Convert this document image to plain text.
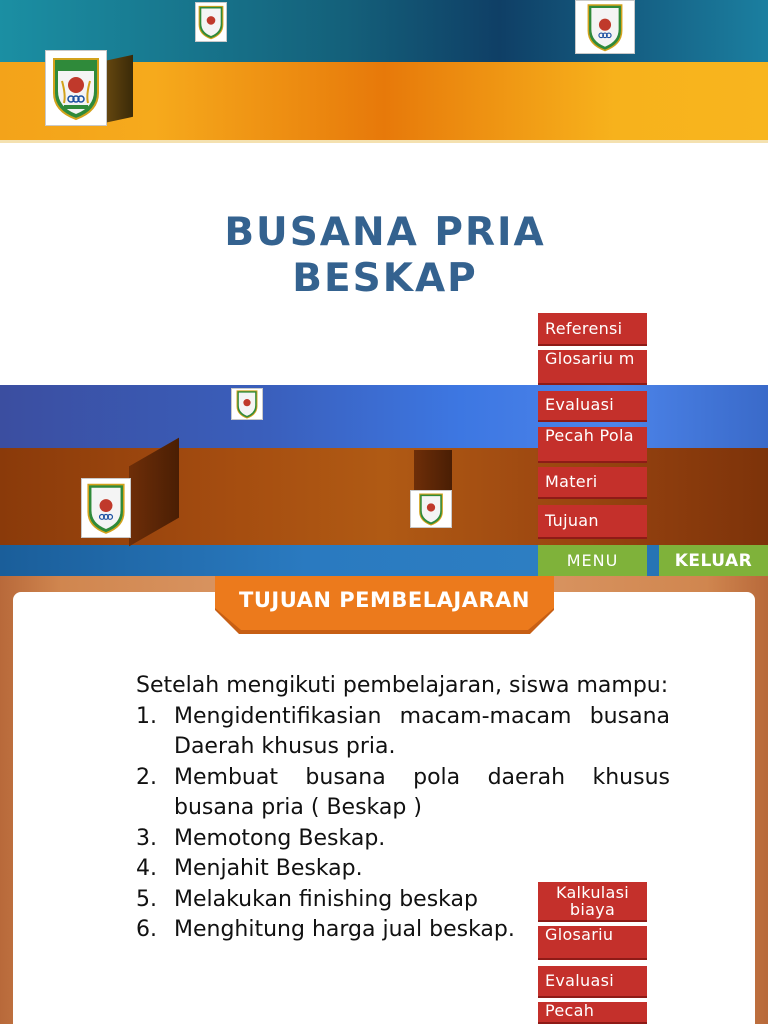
BUSANA PRIA
BESKAP
Referensi
Glosariu m
Evaluasi
Pecah Pola
Materi
Tujuan
MENU	KELUAR
TUJUAN PEMBELAJARAN
Setelah mengikuti pembelajaran, siswa mampu:
1. Mengidentifikasian macam-macam busana Daerah khusus pria.
2. Membuat busana pola daerah khusus busana pria ( Beskap )
3. Memotong Beskap.
4. Menjahit Beskap.
5. Melakukan finishing beskap
6. Menghitung harga jual beskap.
Kalkulasi biaya
Glosariu
Evaluasi
Pecah
